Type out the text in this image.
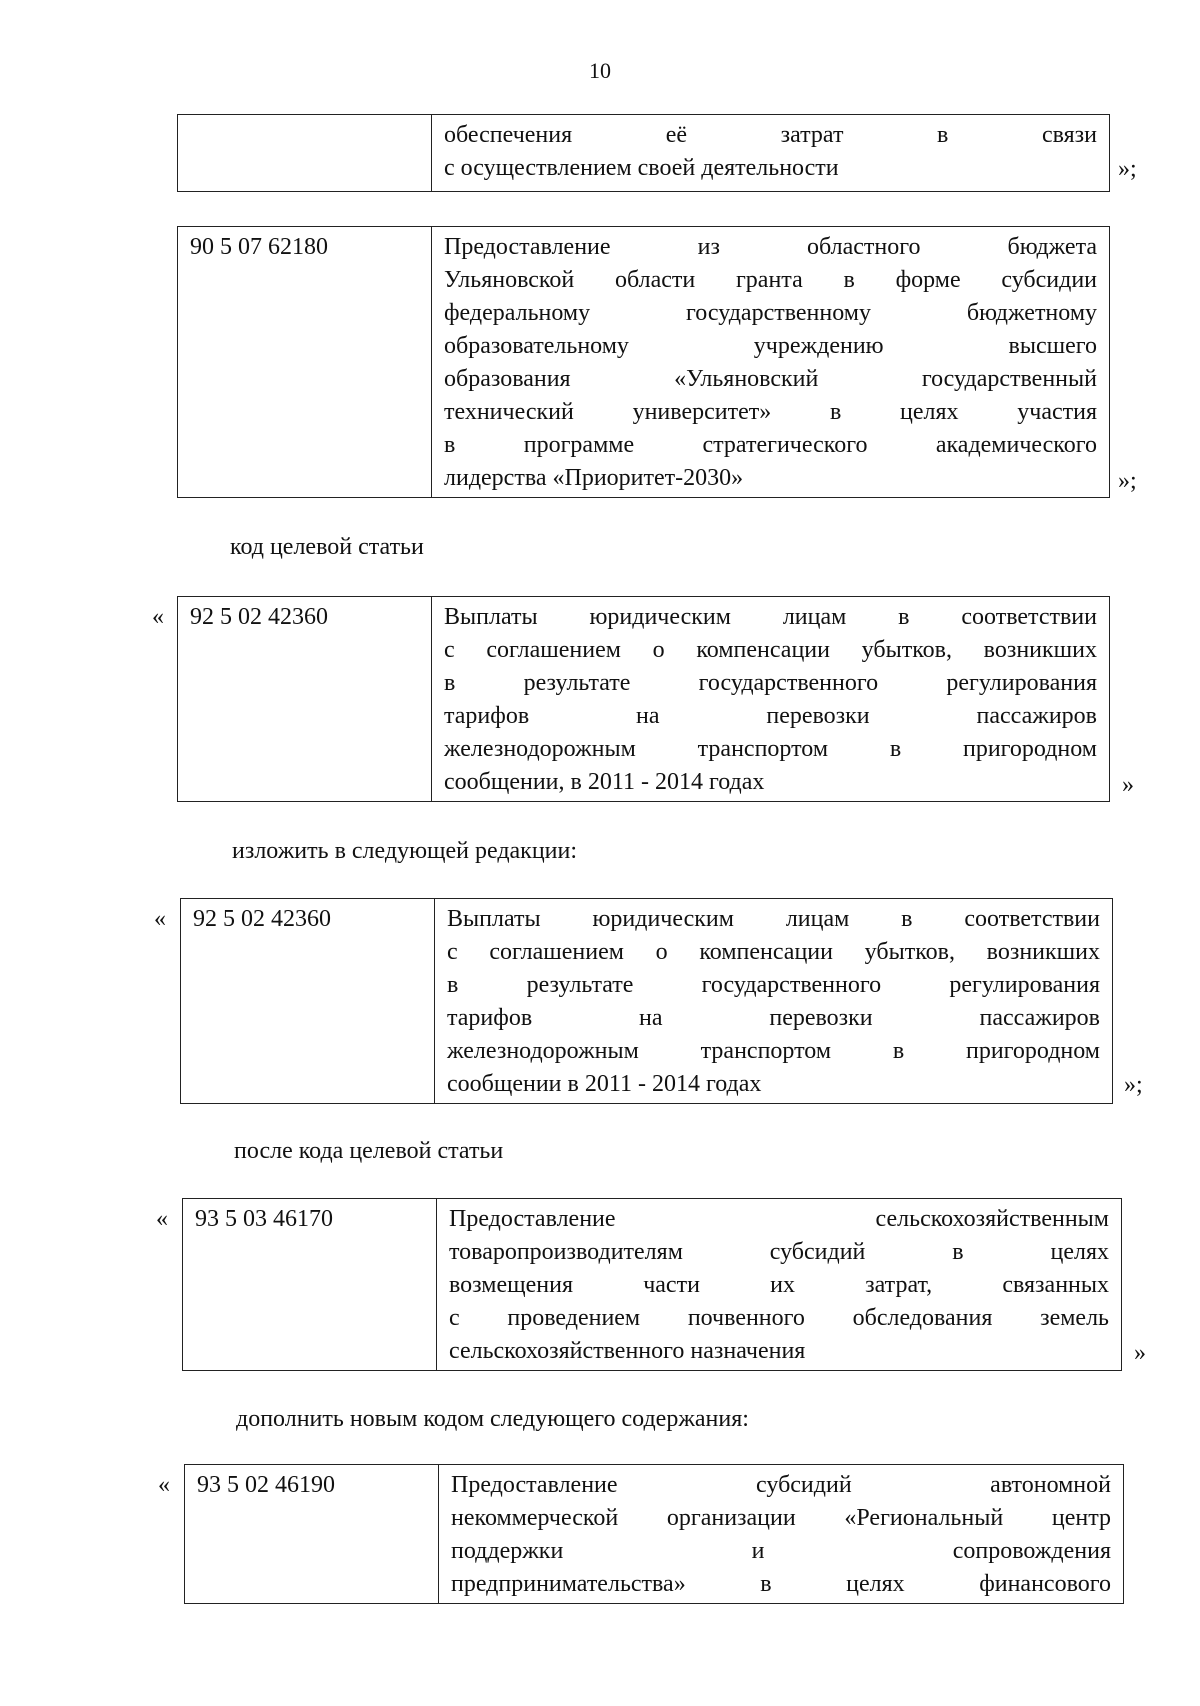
10

обеспечения её затрат в связи
с осуществлением своей деятельности	»;
90 5 07 62180	Предоставление из областного бюджета
Ульяновской области гранта в форме субсидии
федеральному государственному бюджетному
образовательному учреждению высшего
образования «Ульяновский государственный
технический университет» в целях участия
в программе стратегического академического
лидерства «Приоритет-2030»	»;
код целевой статьи
« 92 5 02 42360	Выплаты юридическим лицам в соответствии
с соглашением о компенсации убытков, возникших
в результате государственного регулирования
тарифов на перевозки пассажиров
железнодорожным транспортом в пригородном
сообщении, в 2011 - 2014 годах	»
изложить в следующей редакции:
« 92 5 02 42360	Выплаты юридическим лицам в соответствии
с соглашением о компенсации убытков, возникших
в результате государственного регулирования
тарифов на перевозки пассажиров
железнодорожным транспортом в пригородном
сообщении в 2011 - 2014 годах	»;
после кода целевой статьи
« 93 5 03 46170	Предоставление сельскохозяйственным
товаропроизводителям субсидий в целях
возмещения части их затрат, связанных
с проведением почвенного обследования земель
сельскохозяйственного назначения	»
дополнить новым кодом следующего содержания:
« 93 5 02 46190	Предоставление субсидий автономной
некоммерческой организации «Региональный центр
поддержки и сопровождения
предпринимательства» в целях финансового
